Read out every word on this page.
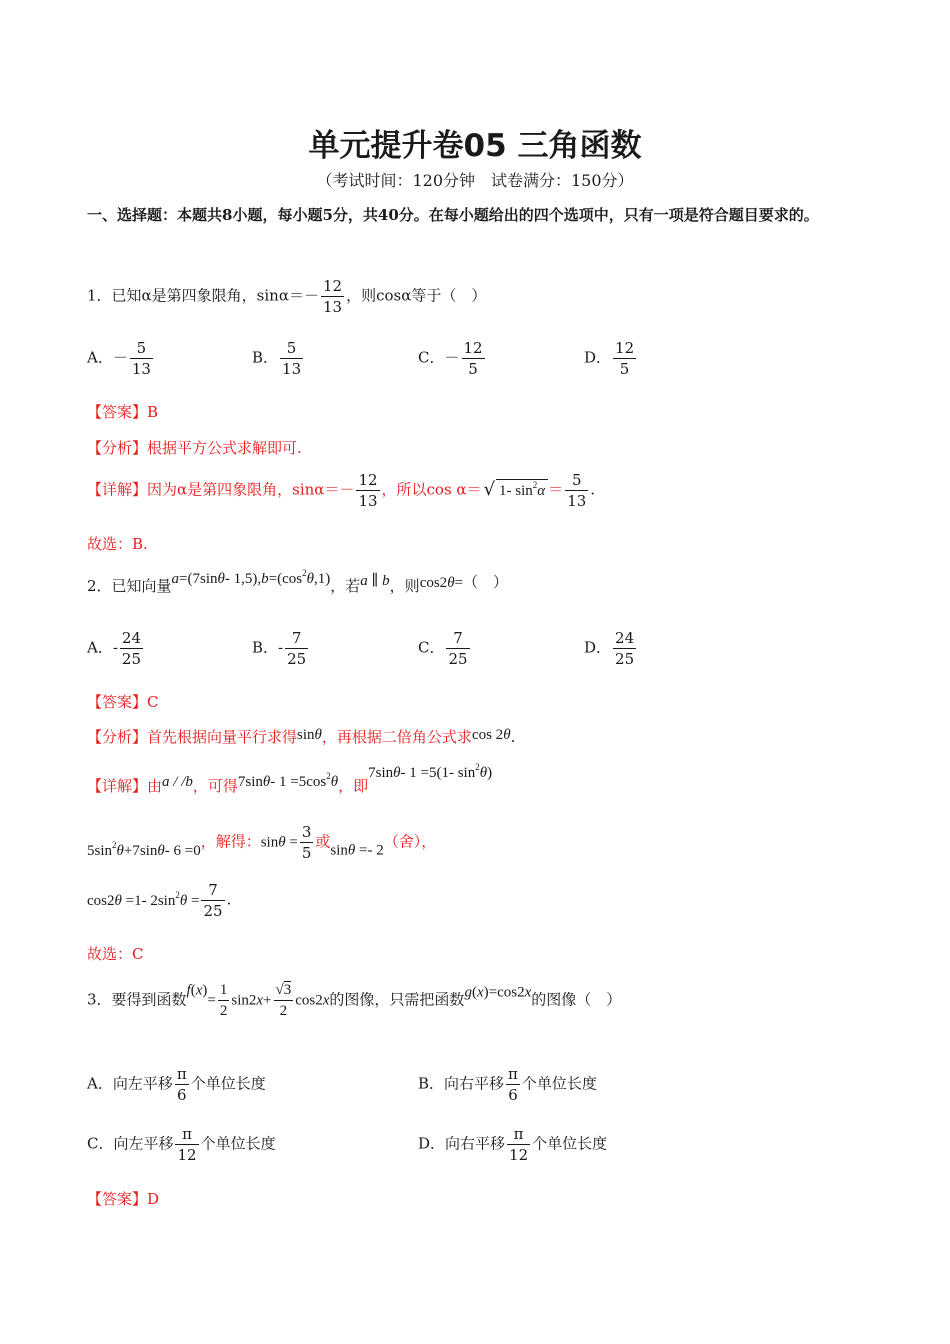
单元提升卷05 三角函数
（考试时间：120分钟　试卷满分：150分）
一、选择题：本题共8小题，每小题5分，共40分。在每小题给出的四个选项中，只有一项是符合题目要求的。
1．已知α是第四象限角，$\sin\alpha=- \frac{12}{13}$ ，则cosα等于（　）
A．－ $\frac{5}{13}$	B． $\frac{5}{13}$	C．－ $\frac{12}{5}$	D． $\frac{12}{5}$
【答案】B
【分析】根据平方公式求解即可.
【详解】因为α是第四象限角，$\sin\alpha=- \frac{12}{13}$ ，所以cos α＝ √ 1- $\sin^2\alpha = \frac{5}{13}$ .
故选：B.
2．已知向量a=(7sinθ- $1,5),b=(\cos^2\theta,1)$，若a ∥ b，则cos2θ=（　）
A．- $\frac{24}{25}$	B．- $\frac{7}{25}$	C． $\frac{7}{25}$	D． $\frac{24}{25}$
【答案】C
【分析】首先根据向量平行求得sinθ，再根据二倍角公式求cos 2θ.
【详解】由a / /b，可得7sinθ- $1 =5\cos^2\theta$，即7sinθ- 1 =5(1- $\sin^2\theta$)
$5\sin^2\theta+7\sin\theta-$ 6 =0，解得：$\sin\theta = \frac{3}{5}$ 或sinθ =- 2（舍），
cos2θ =1- $2\sin^2\theta = \frac{7}{25}$ .
故选：C
3．要得到函数$f(x)= \frac{1}{2} \sin 2x+ \frac{√3}{2} \cos 2x$的图像，只需把函数g(x)=cos2x的图像（　）
A．向左平移 $\frac{\pi}{6}$ 个单位长度	B．向右平移 $\frac{\pi}{6}$ 个单位长度
C．向左平移 $\frac{\pi}{12}$ 个单位长度	D．向右平移 $\frac{\pi}{12}$ 个单位长度
【答案】D
